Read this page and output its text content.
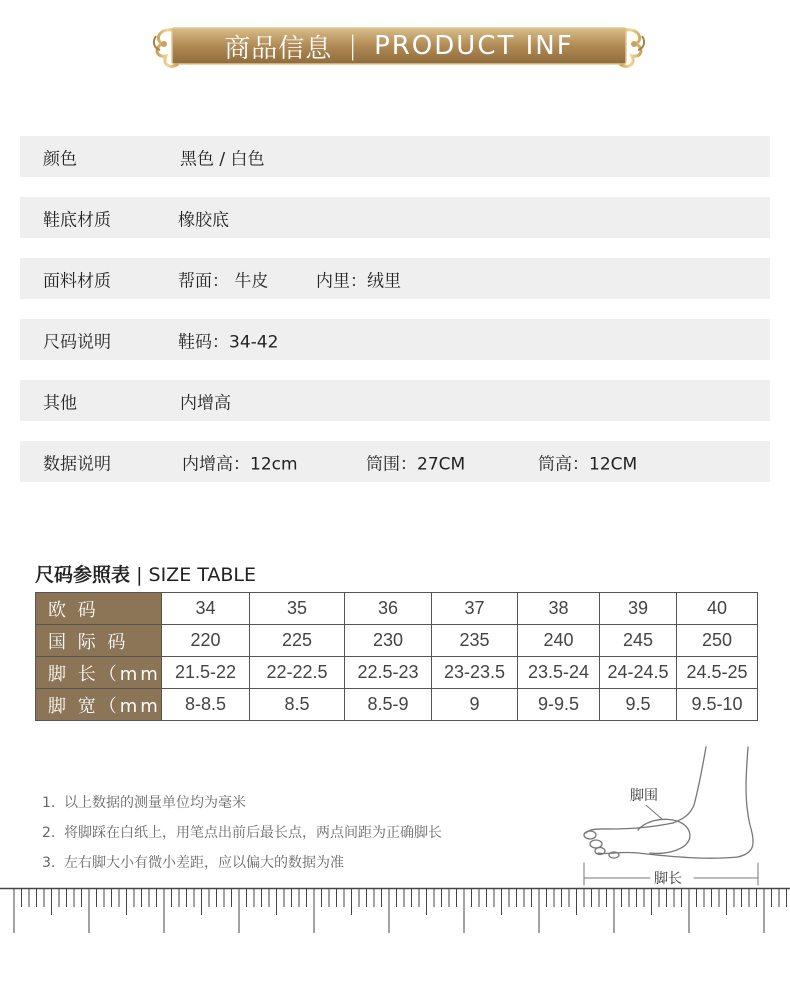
商品信息 | PRODUCT INF
颜色	黑色 / 白色
鞋底材质	橡胶底
面料材质	帮面： 牛皮	内里：绒里
尺码说明	鞋码：34-42
其他	内增高
数据说明	内增高：12cm	筒围：27CM	筒高：12CM
尺码参照表 | SIZE TABLE
欧 码	34	35	36	37	38	39	40
国 际 码	220	225	230	235	240	245	250
脚 长（mm）	21.5-22	22-22.5	22.5-23	23-23.5	23.5-24	24-24.5	24.5-25
脚 宽（mm）	8-8.5	8.5	8.5-9	9	9-9.5	9.5	9.5-10
1. 以上数据的测量单位均为毫米
2. 将脚踩在白纸上，用笔点出前后最长点，两点间距为正确脚长
3. 左右脚大小有微小差距，应以偏大的数据为准
脚围
脚长
